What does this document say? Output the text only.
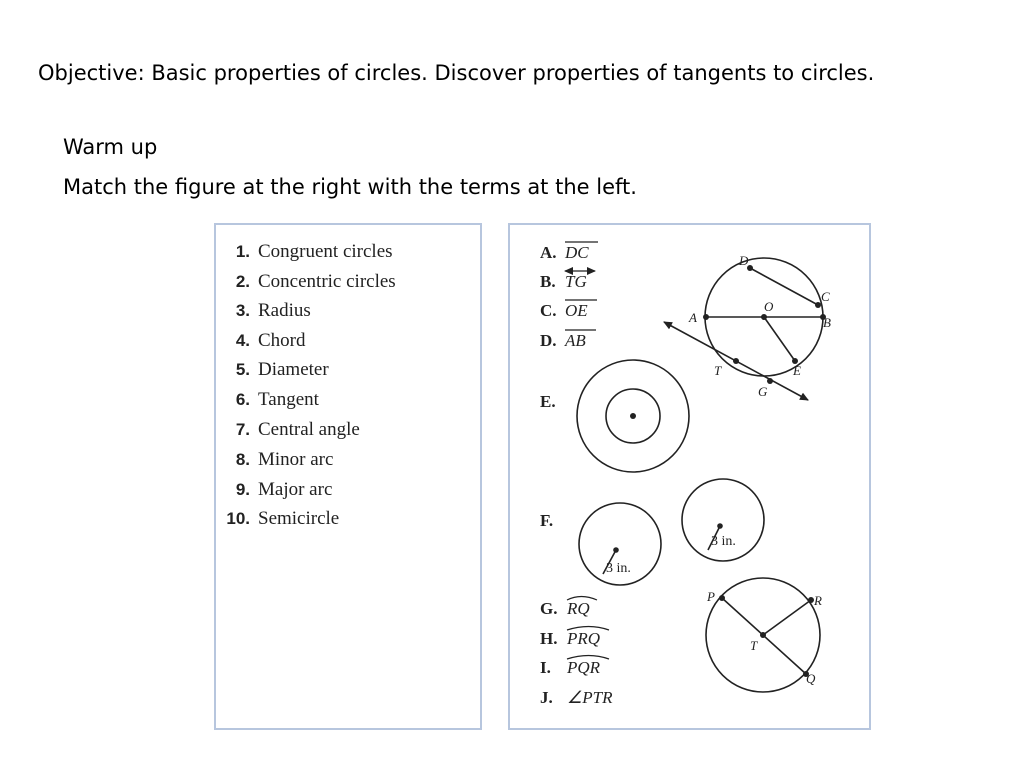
Objective: Basic properties of circles. Discover properties of tangents to circles.
Warm up
Match the figure at the right with the terms at the left.
1. Congruent circles
2. Concentric circles
3. Radius
4. Chord
5. Diameter
6. Tangent
7. Central angle
8. Minor arc
9. Major arc
10. Semicircle
A. DC
B. TG
C. OE
D. AB
D
C
O
A	B
T	E
G
E.
F.
3 in.
3 in.
G. RQ
H. PRQ
I. PQR
J. ∠PTR
P	R
T
Q
